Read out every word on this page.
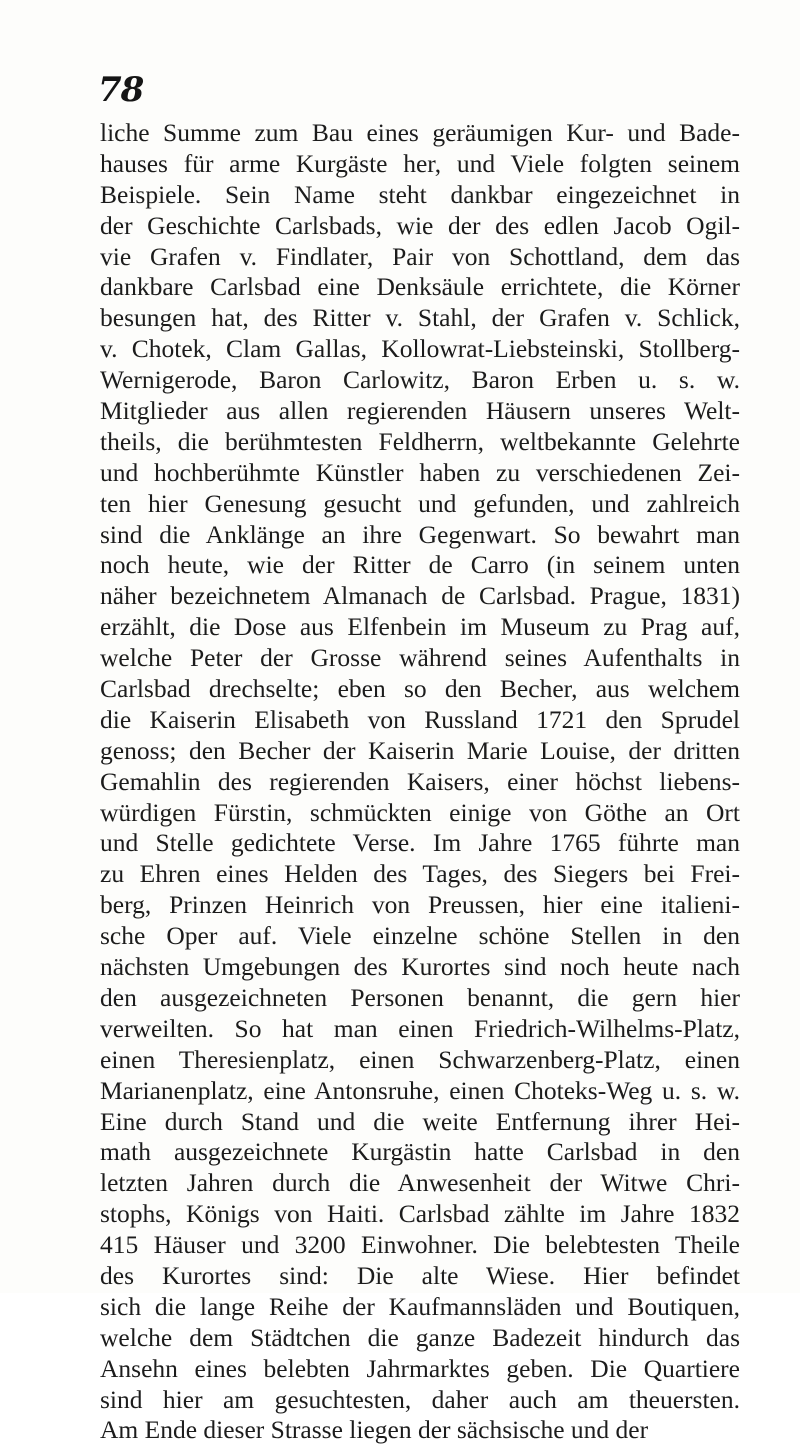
78
liche Summe zum Bau eines geräumigen Kur- und Bade-
hauses für arme Kurgäste her, und Viele folgten seinem
Beispiele. Sein Name steht dankbar eingezeichnet in
der Geschichte Carlsbads, wie der des edlen Jacob Ogil-
vie Grafen v. Findlater, Pair von Schottland, dem das
dankbare Carlsbad eine Denksäule errichtete, die Körner
besungen hat, des Ritter v. Stahl, der Grafen v. Schlick,
v. Chotek, Clam Gallas, Kollowrat-Liebsteinski, Stollberg-
Wernigerode, Baron Carlowitz, Baron Erben u. s. w.
Mitglieder aus allen regierenden Häusern unseres Welt-
theils, die berühmtesten Feldherrn, weltbekannte Gelehrte
und hochberühmte Künstler haben zu verschiedenen Zei-
ten hier Genesung gesucht und gefunden, und zahlreich
sind die Anklänge an ihre Gegenwart. So bewahrt man
noch heute, wie der Ritter de Carro (in seinem unten
näher bezeichnetem Almanach de Carlsbad. Prague, 1831)
erzählt, die Dose aus Elfenbein im Museum zu Prag auf,
welche Peter der Grosse während seines Aufenthalts in
Carlsbad drechselte; eben so den Becher, aus welchem
die Kaiserin Elisabeth von Russland 1721 den Sprudel
genoss; den Becher der Kaiserin Marie Louise, der dritten
Gemahlin des regierenden Kaisers, einer höchst liebens-
würdigen Fürstin, schmückten einige von Göthe an Ort
und Stelle gedichtete Verse. Im Jahre 1765 führte man
zu Ehren eines Helden des Tages, des Siegers bei Frei-
berg, Prinzen Heinrich von Preussen, hier eine italieni-
sche Oper auf. Viele einzelne schöne Stellen in den
nächsten Umgebungen des Kurortes sind noch heute nach
den ausgezeichneten Personen benannt, die gern hier
verweilten. So hat man einen Friedrich-Wilhelms-Platz,
einen Theresienplatz, einen Schwarzenberg-Platz, einen
Marianenplatz, eine Antonsruhe, einen Choteks-Weg u. s. w.
Eine durch Stand und die weite Entfernung ihrer Hei-
math ausgezeichnete Kurgästin hatte Carlsbad in den
letzten Jahren durch die Anwesenheit der Witwe Chri-
stophs, Königs von Haiti. Carlsbad zählte im Jahre 1832
415 Häuser und 3200 Einwohner. Die belebtesten Theile
des Kurortes sind: Die alte Wiese. Hier befindet
sich die lange Reihe der Kaufmannsläden und Boutiquen,
welche dem Städtchen die ganze Badezeit hindurch das
Ansehn eines belebten Jahrmarktes geben. Die Quartiere
sind hier am gesuchtesten, daher auch am theuersten.
Am Ende dieser Strasse liegen der sächsische und der
